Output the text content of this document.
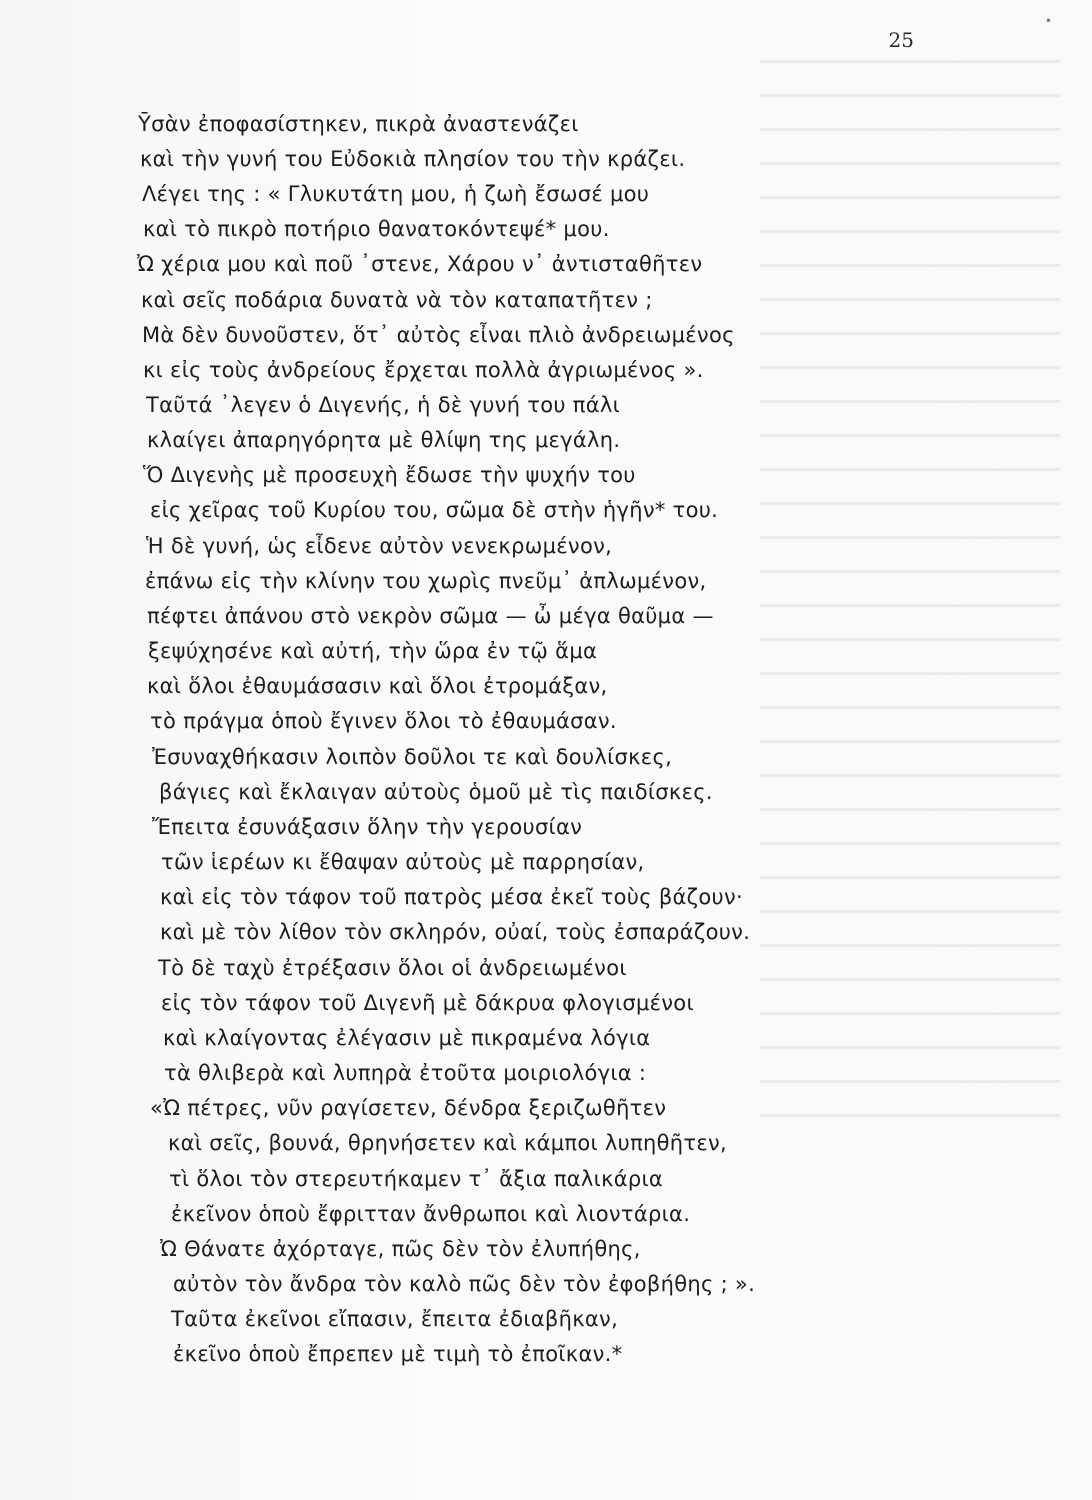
•
25
Ῡσὰν ἐποφασίστηκεν, πικρὰ ἀναστενάζει
καὶ τὴν γυνή του Εὐδοκιὰ πλησίον του τὴν κράζει.
Λέγει της : « Γλυκυτάτη μου, ἡ ζωὴ ἔσωσέ μου
καὶ τὸ πικρὸ ποτήριο θανατοκόντεψέ* μου.
Ὠ χέρια μου καὶ ποῦ ᾽στενε, Χάρου ν᾽ ἀντισταθῆτεν
καὶ σεῖς ποδάρια δυνατὰ νὰ τὸν καταπατῆτεν ;
Μὰ δὲν δυνοῦστεν, ὅτ᾽ αὐτὸς εἶναι πλιὸ ἀνδρειωμένος
κι εἰς τοὺς ἀνδρείους ἔρχεται πολλὰ ἀγριωμένος ».
Ταῦτά ᾽λεγεν ὁ Διγενής, ἡ δὲ γυνή του πάλι
κλαίγει ἀπαρηγόρητα μὲ θλίψη της μεγάλη.
Ὅ Διγενὴς μὲ προσευχὴ ἔδωσε τὴν ψυχήν του
εἰς χεῖρας τοῦ Κυρίου του, σῶμα δὲ στὴν ἡγῆν* του.
Ἡ δὲ γυνή, ὡς εἶδενε αὐτὸν νενεκρωμένον,
ἐπάνω εἰς τὴν κλίνην του χωρὶς πνεῦμ᾽ ἀπλωμένον,
πέφτει ἀπάνου στὸ νεκρὸν σῶμα — ὦ μέγα θαῦμα —
ξεψύχησένε καὶ αὐτή, τὴν ὥρα ἐν τῷ ἅμα
καὶ ὅλοι ἐθαυμάσασιν καὶ ὅλοι ἐτρομάξαν,
τὸ πράγμα ὁποὺ ἔγινεν ὅλοι τὸ ἐθαυμάσαν.
Ἐσυναχθήκασιν λοιπὸν δοῦλοι τε καὶ δουλίσκες,
βάγιες καὶ ἔκλαιγαν αὐτοὺς ὁμοῦ μὲ τὶς παιδίσκες.
Ἔπειτα ἐσυνάξασιν ὅλην τὴν γερουσίαν
τῶν ἱερέων κι ἔθαψαν αὐτοὺς μὲ παρρησίαν,
καὶ εἰς τὸν τάφον τοῦ πατρὸς μέσα ἐκεῖ τοὺς βάζουν·
καὶ μὲ τὸν λίθον τὸν σκληρόν, οὐαί, τοὺς ἐσπαράζουν.
Τὸ δὲ ταχὺ ἐτρέξασιν ὅλοι οἱ ἀνδρειωμένοι
εἰς τὸν τάφον τοῦ Διγενῆ μὲ δάκρυα φλογισμένοι
καὶ κλαίγοντας ἐλέγασιν μὲ πικραμένα λόγια
τὰ θλιβερὰ καὶ λυπηρὰ ἐτοῦτα μοιριολόγια :
«Ὠ πέτρες, νῦν ραγίσετεν, δένδρα ξεριζωθῆτεν
καὶ σεῖς, βουνά, θρηνήσετεν καὶ κάμποι λυπηθῆτεν,
τὶ ὅλοι τὸν στερευτήκαμεν τ᾽ ἄξια παλικάρια
ἐκεῖνον ὁποὺ ἔφριτταν ἄνθρωποι καὶ λιοντάρια.
Ὠ Θάνατε ἀχόρταγε, πῶς δὲν τὸν ἐλυπήθης,
αὐτὸν τὸν ἄνδρα τὸν καλὸ πῶς δὲν τὸν ἐφοβήθης ; ».
Ταῦτα ἐκεῖνοι εἴπασιν, ἔπειτα ἐδιαβῆκαν,
ἐκεῖνο ὁποὺ ἔπρεπεν μὲ τιμὴ τὸ ἐποῖκαν.*
